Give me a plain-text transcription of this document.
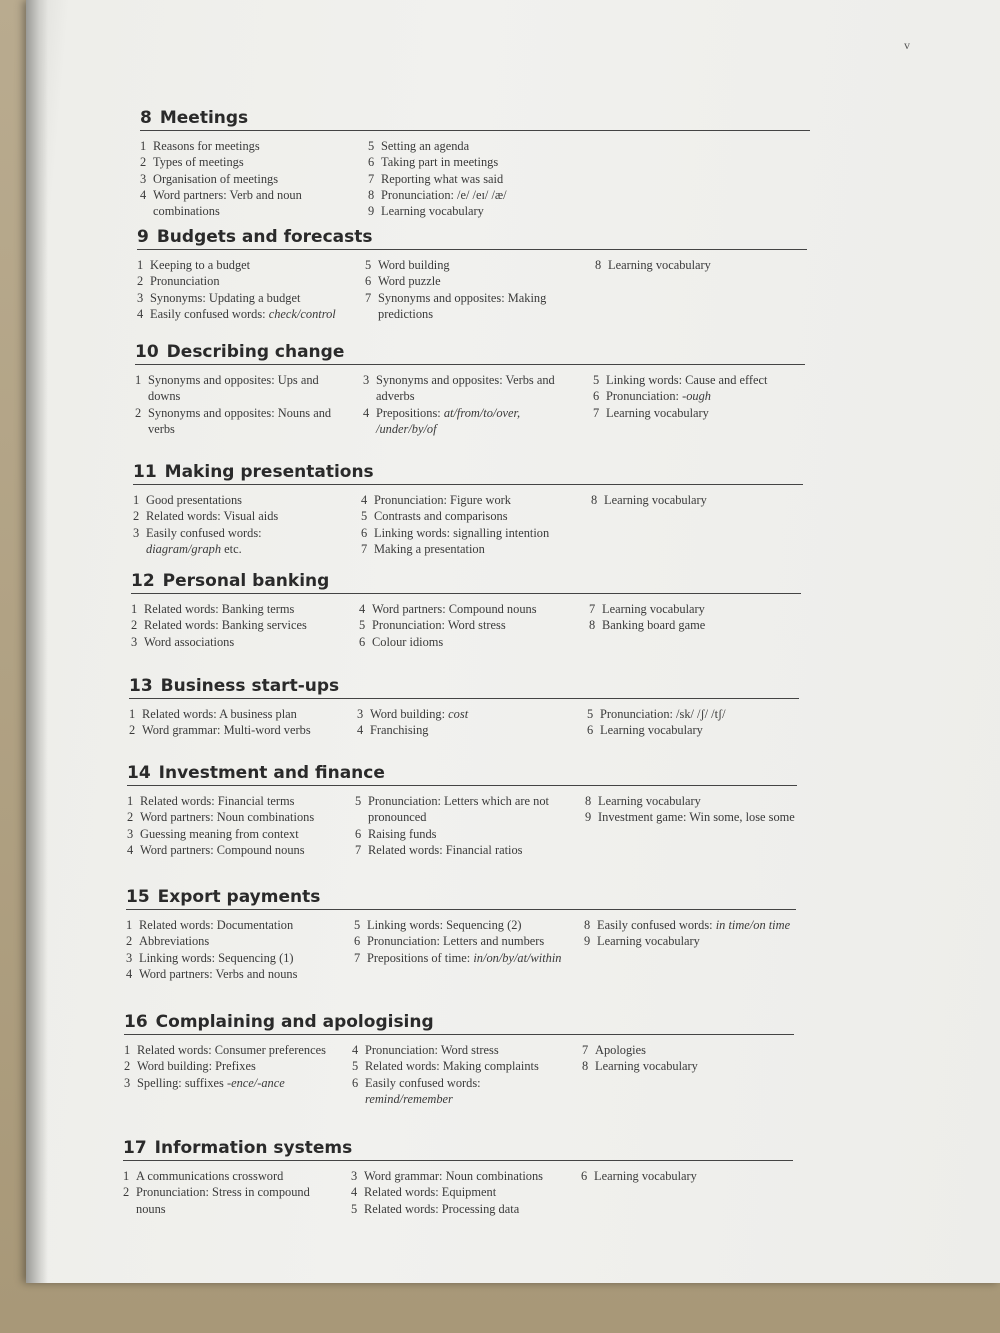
v
8 Meetings
1 Reasons for meetings
2 Types of meetings
3 Organisation of meetings
4 Word partners: Verb and noun combinations
5 Setting an agenda
6 Taking part in meetings
7 Reporting what was said
8 Pronunciation: /e/ /eɪ/ /æ/
9 Learning vocabulary
9 Budgets and forecasts
1 Keeping to a budget
2 Pronunciation
3 Synonyms: Updating a budget
4 Easily confused words: check/control
5 Word building
6 Word puzzle
7 Synonyms and opposites: Making predictions
8 Learning vocabulary
10 Describing change
1 Synonyms and opposites: Ups and downs
2 Synonyms and opposites: Nouns and verbs
3 Synonyms and opposites: Verbs and adverbs
4 Prepositions: at/from/to/over, /under/by/of
5 Linking words: Cause and effect
6 Pronunciation: -ough
7 Learning vocabulary
11 Making presentations
1 Good presentations
2 Related words: Visual aids
3 Easily confused words: diagram/graph etc.
4 Pronunciation: Figure work
5 Contrasts and comparisons
6 Linking words: signalling intention
7 Making a presentation
8 Learning vocabulary
12 Personal banking
1 Related words: Banking terms
2 Related words: Banking services
3 Word associations
4 Word partners: Compound nouns
5 Pronunciation: Word stress
6 Colour idioms
7 Learning vocabulary
8 Banking board game
13 Business start-ups
1 Related words: A business plan
2 Word grammar: Multi-word verbs
3 Word building: cost
4 Franchising
5 Pronunciation: /sk/ /ʃ/ /tʃ/
6 Learning vocabulary
14 Investment and finance
1 Related words: Financial terms
2 Word partners: Noun combinations
3 Guessing meaning from context
4 Word partners: Compound nouns
5 Pronunciation: Letters which are not pronounced
6 Raising funds
7 Related words: Financial ratios
8 Learning vocabulary
9 Investment game: Win some, lose some
15 Export payments
1 Related words: Documentation
2 Abbreviations
3 Linking words: Sequencing (1)
4 Word partners: Verbs and nouns
5 Linking words: Sequencing (2)
6 Pronunciation: Letters and numbers
7 Prepositions of time: in/on/by/at/within
8 Easily confused words: in time/on time
9 Learning vocabulary
16 Complaining and apologising
1 Related words: Consumer preferences
2 Word building: Prefixes
3 Spelling: suffixes -ence/-ance
4 Pronunciation: Word stress
5 Related words: Making complaints
6 Easily confused words: remind/remember
7 Apologies
8 Learning vocabulary
17 Information systems
1 A communications crossword
2 Pronunciation: Stress in compound nouns
3 Word grammar: Noun combinations
4 Related words: Equipment
5 Related words: Processing data
6 Learning vocabulary
